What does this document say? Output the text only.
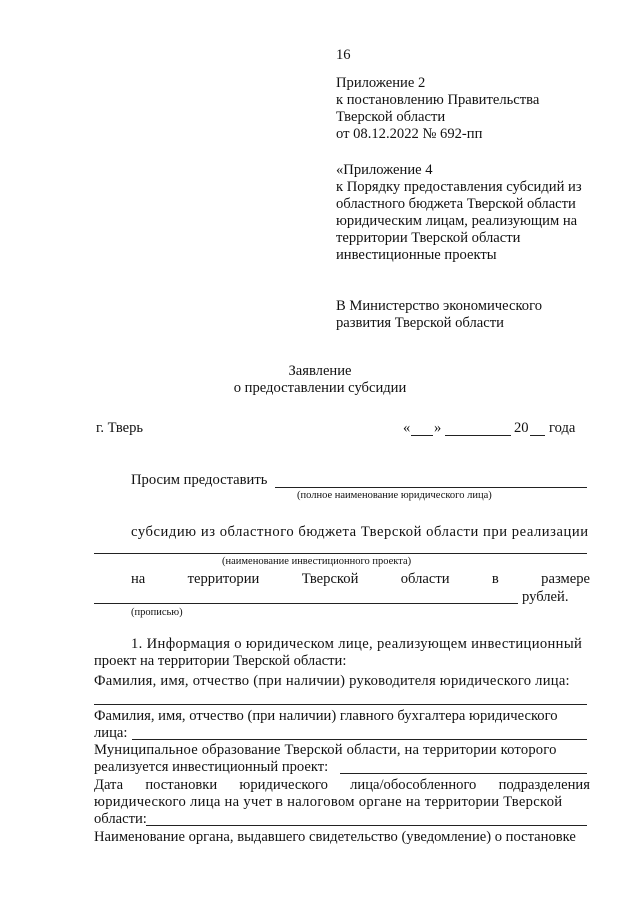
16
Приложение 2
к постановлению Правительства
Тверской области
от 08.12.2022 № 692-пп
«Приложение 4
к Порядку предоставления субсидий из
областного бюджета Тверской области
юридическим лицам, реализующим на
территории Тверской области
инвестиционные проекты
В Министерство экономического
развития Тверской области
Заявление
о предоставлении субсидии
г. Тверь	« »	20 года
Просим предоставить
(полное наименование юридического лица)
субсидию из областного бюджета Тверской области при реализации
(наименование инвестиционного проекта)
на	территории	Тверской	области	в	размере
рублей.
(прописью)
1. Информация о юридическом лице, реализующем инвестиционный
проект на территории Тверской области:
Фамилия, имя, отчество (при наличии) руководителя юридического лица:
Фамилия, имя, отчество (при наличии) главного бухгалтера юридического
лица:
Муниципальное образование Тверской области, на территории которого
реализуется инвестиционный проект:
Дата постановки юридического лица/обособленного подразделения
юридического лица на учет в налоговом органе на территории Тверской
области:
Наименование органа, выдавшего свидетельство (уведомление) о постановке
